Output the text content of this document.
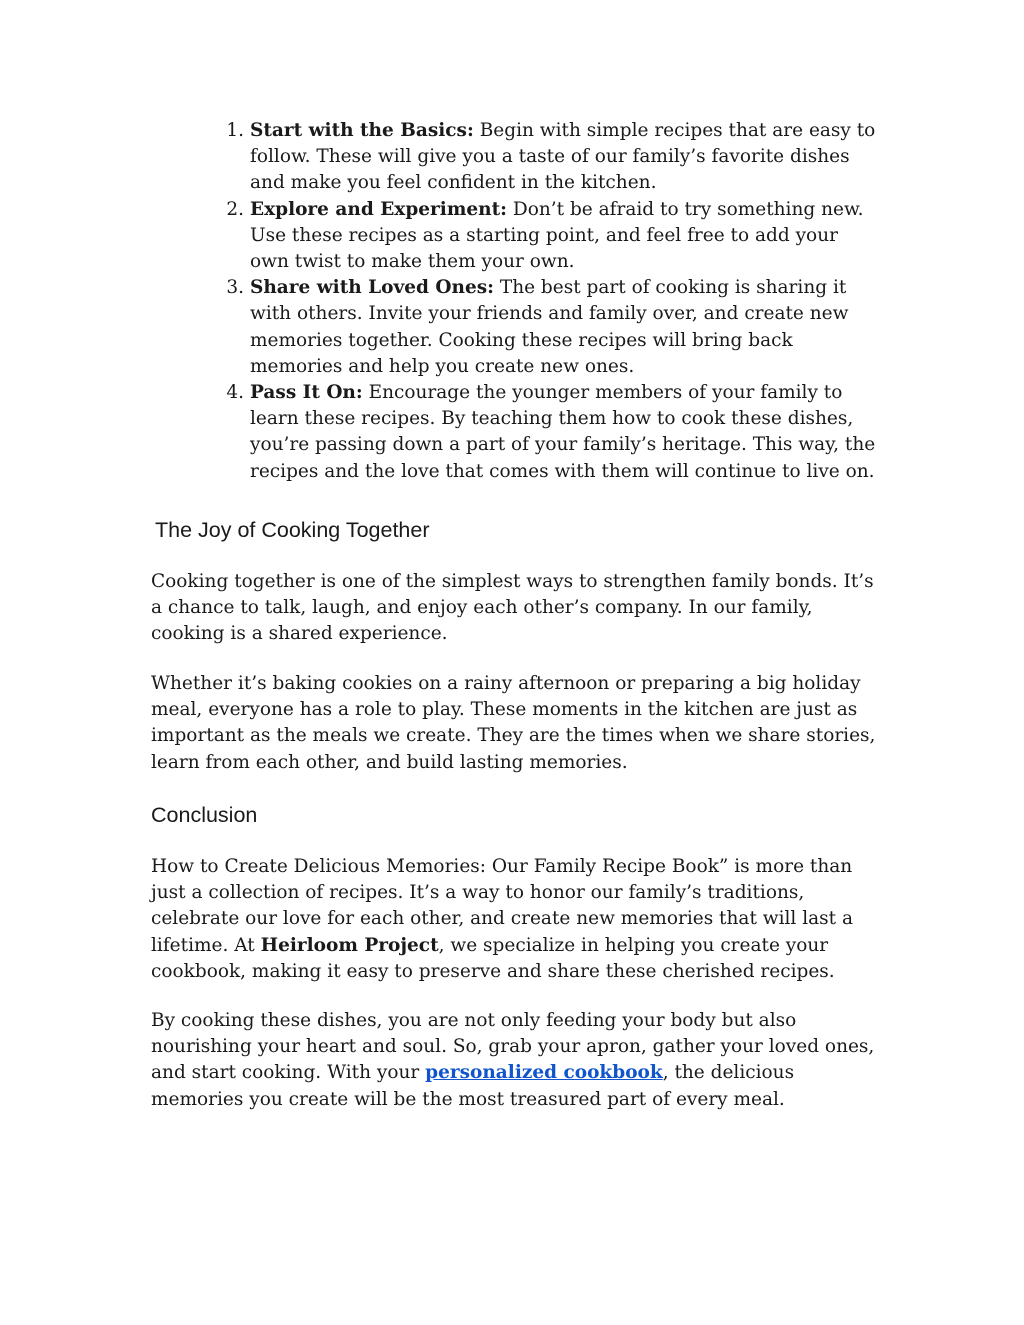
1. Start with the Basics: Begin with simple recipes that are easy to follow. These will give you a taste of our family’s favorite dishes and make you feel confident in the kitchen.
2. Explore and Experiment: Don’t be afraid to try something new. Use these recipes as a starting point, and feel free to add your own twist to make them your own.
3. Share with Loved Ones: The best part of cooking is sharing it with others. Invite your friends and family over, and create new memories together. Cooking these recipes will bring back memories and help you create new ones.
4. Pass It On: Encourage the younger members of your family to learn these recipes. By teaching them how to cook these dishes, you’re passing down a part of your family’s heritage. This way, the recipes and the love that comes with them will continue to live on.
The Joy of Cooking Together

Cooking together is one of the simplest ways to strengthen family bonds. It’s a chance to talk, laugh, and enjoy each other’s company. In our family, cooking is a shared experience.

Whether it’s baking cookies on a rainy afternoon or preparing a big holiday meal, everyone has a role to play. These moments in the kitchen are just as important as the meals we create. They are the times when we share stories, learn from each other, and build lasting memories.

Conclusion

How to Create Delicious Memories: Our Family Recipe Book” is more than just a collection of recipes. It’s a way to honor our family’s traditions, celebrate our love for each other, and create new memories that will last a lifetime. At Heirloom Project, we specialize in helping you create your cookbook, making it easy to preserve and share these cherished recipes.

By cooking these dishes, you are not only feeding your body but also nourishing your heart and soul. So, grab your apron, gather your loved ones, and start cooking. With your personalized cookbook, the delicious memories you create will be the most treasured part of every meal.
